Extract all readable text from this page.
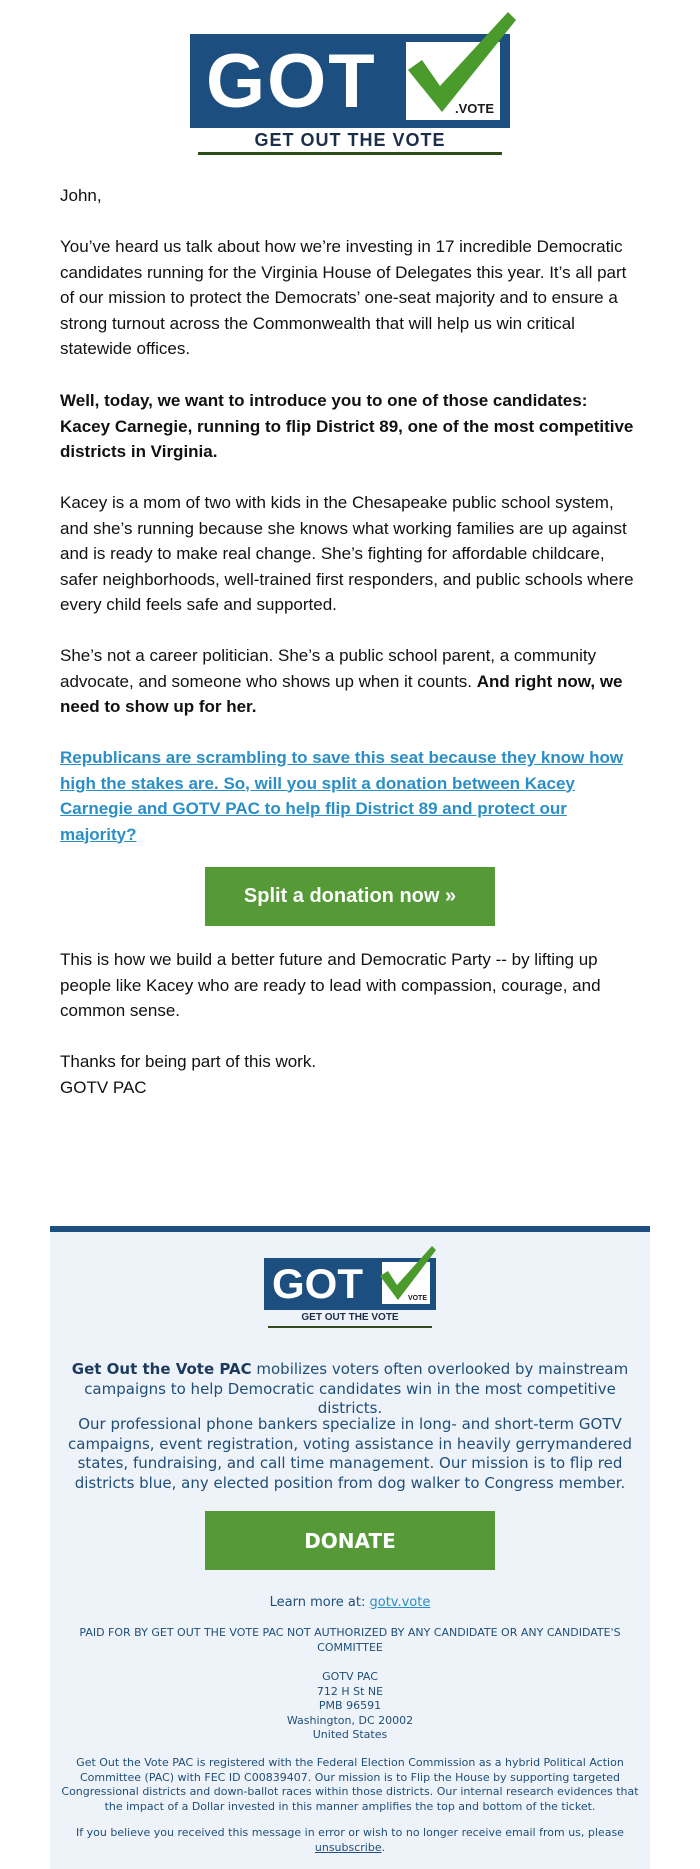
GOT	.VOTE
GET OUT THE VOTE

John,

You’ve heard us talk about how we’re investing in 17 incredible Democratic candidates running for the Virginia House of Delegates this year. It’s all part of our mission to protect the Democrats’ one-seat majority and to ensure a strong turnout across the Commonwealth that will help us win critical statewide offices.

Well, today, we want to introduce you to one of those candidates: Kacey Carnegie, running to flip District 89, one of the most competitive districts in Virginia.

Kacey is a mom of two with kids in the Chesapeake public school system, and she’s running because she knows what working families are up against and is ready to make real change. She’s fighting for affordable childcare, safer neighborhoods, well-trained first responders, and public schools where every child feels safe and supported.

She’s not a career politician. She’s a public school parent, a community advocate, and someone who shows up when it counts. And right now, we need to show up for her.

Republicans are scrambling to save this seat because they know how high the stakes are. So, will you split a donation between Kacey Carnegie and GOTV PAC to help flip District 89 and protect our majority?

Split a donation now »

This is how we build a better future and Democratic Party -- by lifting up people like Kacey who are ready to lead with compassion, courage, and common sense.

Thanks for being part of this work.
GOTV PAC

GOT	VOTE
GET OUT THE VOTE

Get Out the Vote PAC mobilizes voters often overlooked by mainstream campaigns to help Democratic candidates win in the most competitive districts.

Our professional phone bankers specialize in long- and short-term GOTV campaigns, event registration, voting assistance in heavily gerrymandered states, fundraising, and call time management. Our mission is to flip red districts blue, any elected position from dog walker to Congress member.

DONATE

Learn more at: gotv.vote

PAID FOR BY GET OUT THE VOTE PAC NOT AUTHORIZED BY ANY CANDIDATE OR ANY CANDIDATE'S COMMITTEE

GOTV PAC
712 H St NE
PMB 96591
Washington, DC 20002
United States

Get Out the Vote PAC is registered with the Federal Election Commission as a hybrid Political Action Committee (PAC) with FEC ID C00839407. Our mission is to Flip the House by supporting targeted Congressional districts and down-ballot races within those districts. Our internal research evidences that the impact of a Dollar invested in this manner amplifies the top and bottom of the ticket.

If you believe you received this message in error or wish to no longer receive email from us, please unsubscribe.
